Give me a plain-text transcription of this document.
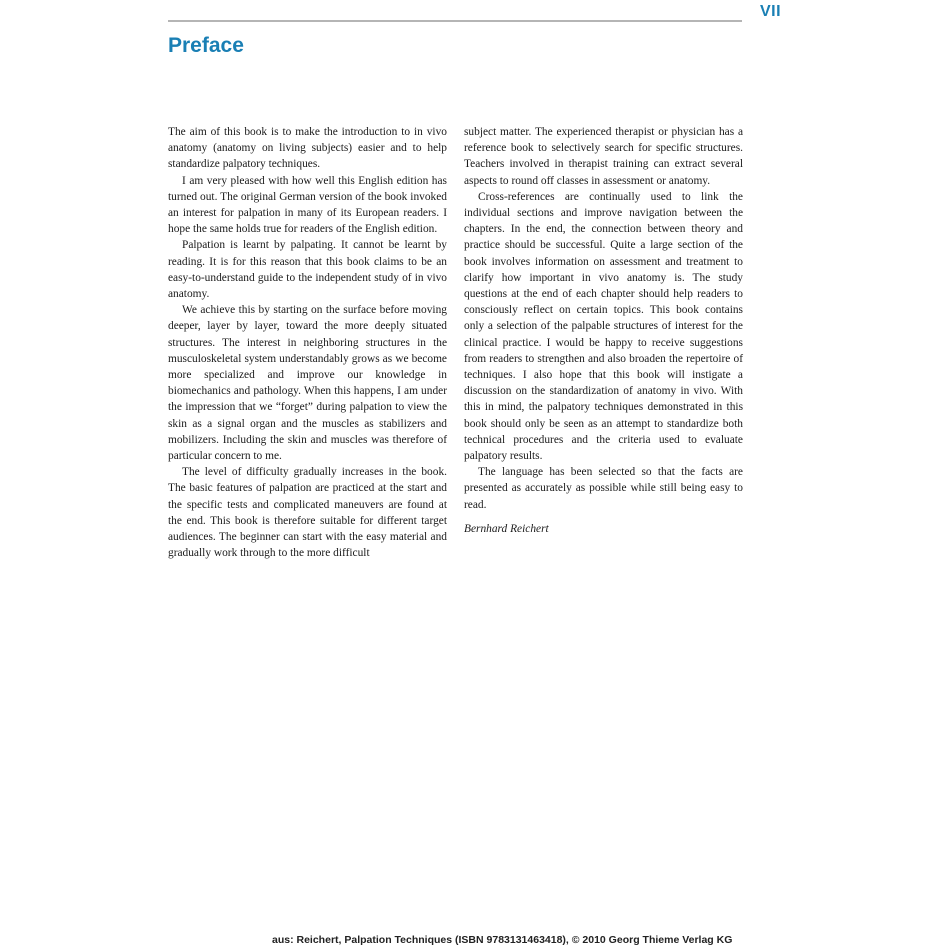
VII
Preface

The aim of this book is to make the introduction to in vivo anatomy (anatomy on living subjects) easier and to help standardize palpatory techniques.

I am very pleased with how well this English edition has turned out. The original German version of the book invoked an interest for palpation in many of its European readers. I hope the same holds true for readers of the English edition.

Palpation is learnt by palpating. It cannot be learnt by reading. It is for this reason that this book claims to be an easy-to-understand guide to the independent study of in vivo anatomy.

We achieve this by starting on the surface before moving deeper, layer by layer, toward the more deeply situated structures. The interest in neighboring structures in the musculoskeletal system understandably grows as we become more specialized and improve our knowledge in biomechanics and pathology. When this happens, I am under the impression that we “forget” during palpation to view the skin as a signal organ and the muscles as stabilizers and mobilizers. Including the skin and muscles was therefore of particular concern to me.

The level of difficulty gradually increases in the book. The basic features of palpation are practiced at the start and the specific tests and complicated maneuvers are found at the end. This book is therefore suitable for different target audiences. The beginner can start with the easy material and gradually work through to the more difficult

subject matter. The experienced therapist or physician has a reference book to selectively search for specific structures. Teachers involved in therapist training can extract several aspects to round off classes in assessment or anatomy.

Cross-references are continually used to link the individual sections and improve navigation between the chapters. In the end, the connection between theory and practice should be successful. Quite a large section of the book involves information on assessment and treatment to clarify how important in vivo anatomy is. The study questions at the end of each chapter should help readers to consciously reflect on certain topics. This book contains only a selection of the palpable structures of interest for the clinical practice. I would be happy to receive suggestions from readers to strengthen and also broaden the repertoire of techniques. I also hope that this book will instigate a discussion on the standardization of anatomy in vivo. With this in mind, the palpatory techniques demonstrated in this book should only be seen as an attempt to standardize both technical procedures and the criteria used to evaluate palpatory results.

The language has been selected so that the facts are presented as accurately as possible while still being easy to read.

Bernhard Reichert

aus: Reichert, Palpation Techniques (ISBN 9783131463418), © 2010 Georg Thieme Verlag KG
